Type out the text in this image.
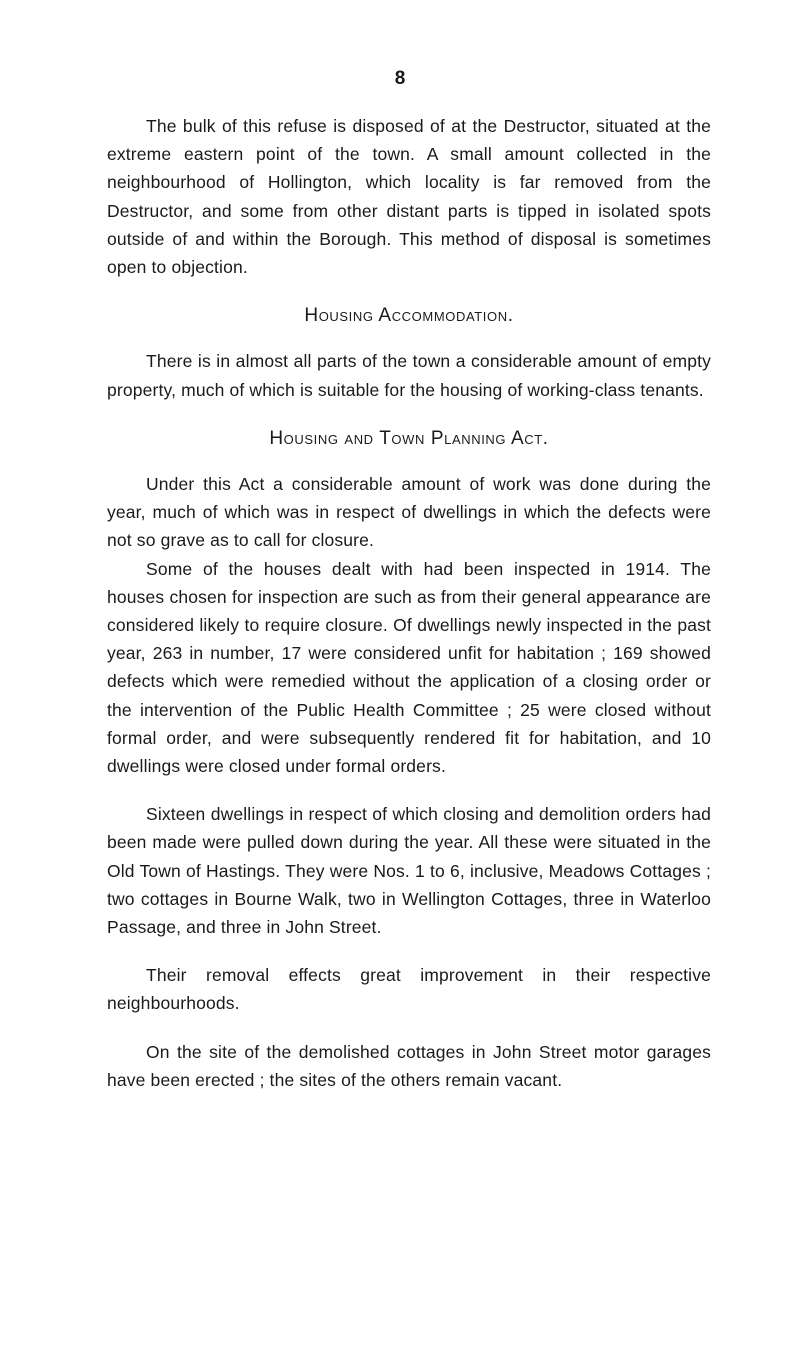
8

The bulk of this refuse is disposed of at the Destructor, situated at the extreme eastern point of the town. A small amount collected in the neighbourhood of Hollington, which locality is far removed from the Destructor, and some from other distant parts is tipped in isolated spots outside of and within the Borough. This method of disposal is sometimes open to objection.

Housing Accommodation.

There is in almost all parts of the town a considerable amount of empty property, much of which is suitable for the housing of working-class tenants.

Housing and Town Planning Act.

Under this Act a considerable amount of work was done during the year, much of which was in respect of dwellings in which the defects were not so grave as to call for closure.

Some of the houses dealt with had been inspected in 1914. The houses chosen for inspection are such as from their general appearance are considered likely to require closure. Of dwellings newly inspected in the past year, 263 in number, 17 were considered unfit for habitation ; 169 showed defects which were remedied without the application of a closing order or the intervention of the Public Health Committee ; 25 were closed without formal order, and were subsequently rendered fit for habitation, and 10 dwellings were closed under formal orders.

Sixteen dwellings in respect of which closing and demolition orders had been made were pulled down during the year. All these were situated in the Old Town of Hastings. They were Nos. 1 to 6, inclusive, Meadows Cottages ; two cottages in Bourne Walk, two in Wellington Cottages, three in Waterloo Passage, and three in John Street.

Their removal effects great improvement in their respective neighbourhoods.

On the site of the demolished cottages in John Street motor garages have been erected ; the sites of the others remain vacant.
